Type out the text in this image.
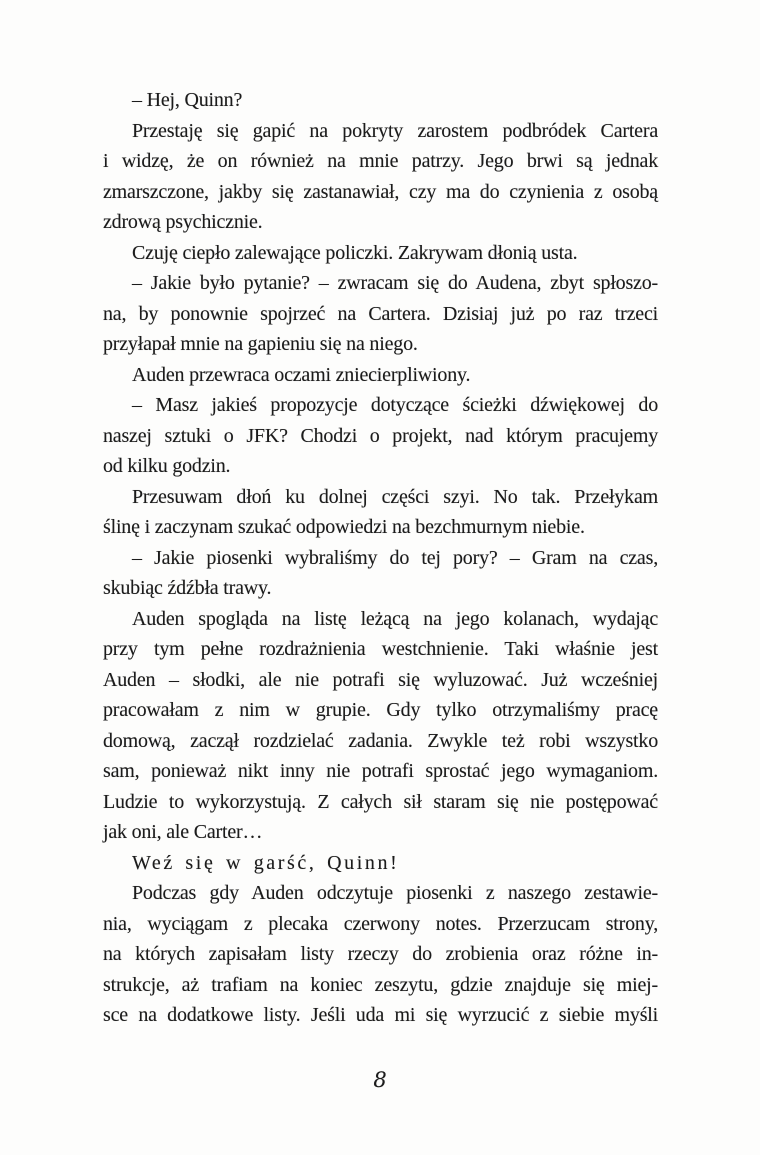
– Hej, Quinn?
Przestaję się gapić na pokryty zarostem podbródek Cartera
i widzę, że on również na mnie patrzy. Jego brwi są jednak
zmarszczone, jakby się zastanawiał, czy ma do czynienia z osobą
zdrową psychicznie.
Czuję ciepło zalewające policzki. Zakrywam dłonią usta.
– Jakie było pytanie? – zwracam się do Audena, zbyt spłoszo-
na, by ponownie spojrzeć na Cartera. Dzisiaj już po raz trzeci
przyłapał mnie na gapieniu się na niego.
Auden przewraca oczami zniecierpliwiony.
– Masz jakieś propozycje dotyczące ścieżki dźwiękowej do
naszej sztuki o JFK? Chodzi o projekt, nad którym pracujemy
od kilku godzin.
Przesuwam dłoń ku dolnej części szyi. No tak. Przełykam
ślinę i zaczynam szukać odpowiedzi na bezchmurnym niebie.
– Jakie piosenki wybraliśmy do tej pory? – Gram na czas,
skubiąc źdźbła trawy.
Auden spogląda na listę leżącą na jego kolanach, wydając
przy tym pełne rozdrażnienia westchnienie. Taki właśnie jest
Auden – słodki, ale nie potrafi się wyluzować. Już wcześniej
pracowałam z nim w grupie. Gdy tylko otrzymaliśmy pracę
domową, zaczął rozdzielać zadania. Zwykle też robi wszystko
sam, ponieważ nikt inny nie potrafi sprostać jego wymaganiom.
Ludzie to wykorzystują. Z całych sił staram się nie postępować
jak oni, ale Carter…
Weź się w garść, Quinn!
Podczas gdy Auden odczytuje piosenki z naszego zestawie-
nia, wyciągam z plecaka czerwony notes. Przerzucam strony,
na których zapisałam listy rzeczy do zrobienia oraz różne in-
strukcje, aż trafiam na koniec zeszytu, gdzie znajduje się miej-
sce na dodatkowe listy. Jeśli uda mi się wyrzucić z siebie myśli
8
